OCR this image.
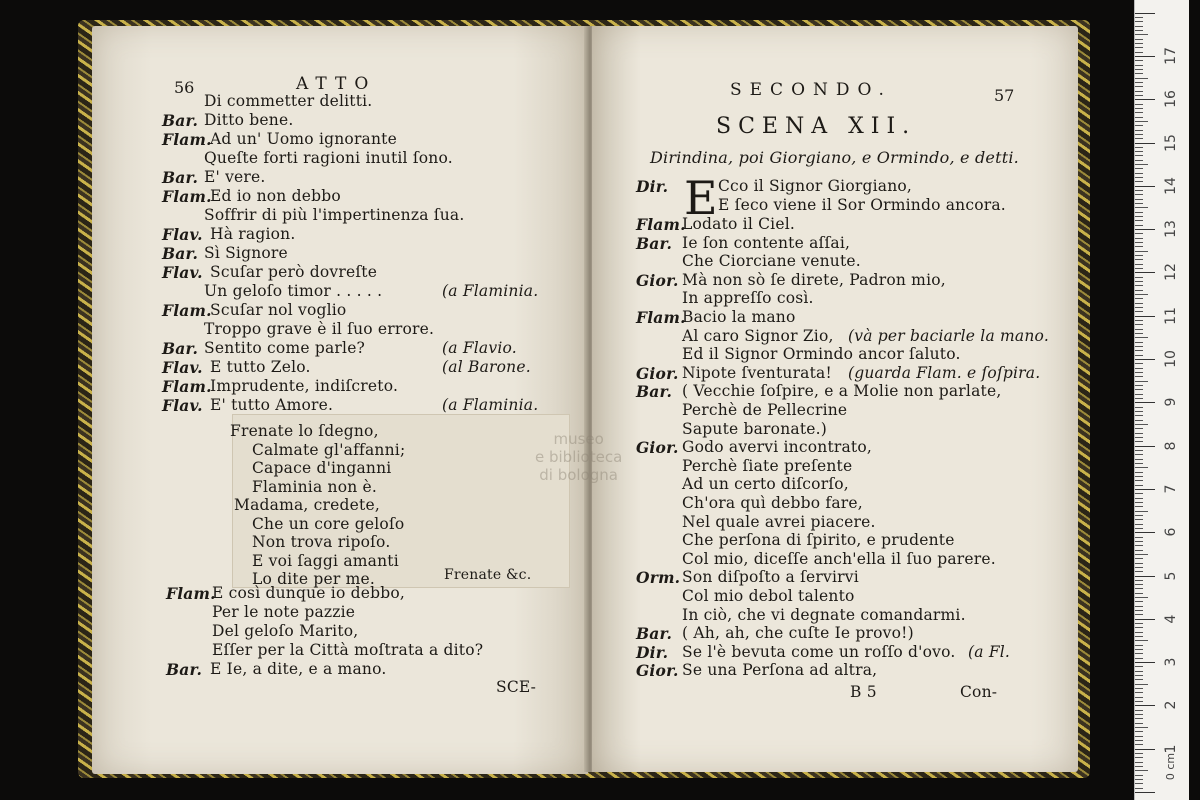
56	ATTO
Di commetter delitti.
Bar. Ditto bene.
Flam.
Ad un' Uomo ignorante
Queſte forti ragioni inutil ſono.
Bar. E' vere.
Flam.
Ed io non debbo
Soffrir di più l'impertinenza ſua.
Flav. Hà ragion.
Bar. Sì Signore
Flav. Scuſar però dovreſte
Un geloſo timor . . . . .	(a Flaminia.
Flam.
Scuſar nol voglio
Troppo grave è il ſuo errore.
Bar. Sentito come parle?	(a Flavio.
Flav. E tutto Zelo.	(al Barone.
Flam.
Imprudente, indiſcreto.
Flav. E' tutto Amore.	(a Flaminia.
Frenate lo ſdegno,
Calmate gl'affanni;
Capace d'inganni
Flaminia non è.
Madama, credete,
Che un core geloſo
Non trova ripoſo.
E voi ſaggi amanti
Lo dite per me.	Frenate &c.
Flam.
E così dunque io debbo,
Per le note pazzie
Del geloſo Marito,
Eſſer per la Città moſtrata a dito?
Bar. E Ie, a dite, e a mano.
SCE-
SECONDO.	57
SCENA XII.
Dirindina, poi Giorgiano, e Ormindo, e detti.
Dir. E Cco il Signor Giorgiano,
E ſeco viene il Sor Ormindo ancora.
Flam.
Lodato il Ciel.
Bar. Ie ſon contente aſſai,
Che Ciorciane venute.
Gior. Mà non sò ſe direte, Padron mio,
In appreſſo così.
Flam.
Bacio la mano
Al caro Signor Zio, (và per baciarle la mano.
Ed il Signor Ormindo ancor ſaluto.
Gior. Nipote ſventurata! (guarda Flam. e ſoſpira.
Bar. ( Vecchie ſoſpire, e a Molie non parlate,
Perchè de Pellecrine
Sapute baronate.)
Gior. Godo avervi incontrato,
Perchè ſiate preſente
Ad un certo diſcorſo,
Ch'ora quì debbo fare,
Nel quale avrei piacere.
Che perſona di ſpirito, e prudente
Col mio, diceſſe anch'ella il ſuo parere.
Orm. Son diſpoſto a ſervirvi
Col mio debol talento
In ciò, che vi degnate comandarmi.
Bar. ( Ah, ah, che cuſte Ie provo!)
Dir. Se l'è bevuta come un roſſo d'ovo. (a Fl.
Gior. Se una Perſona ad altra,
B 5	Con-
museo
e biblioteca
di bologna
0 cm
17
16
15
14
13
12
11
10
9
8
7
6
5
4
3
2
1
